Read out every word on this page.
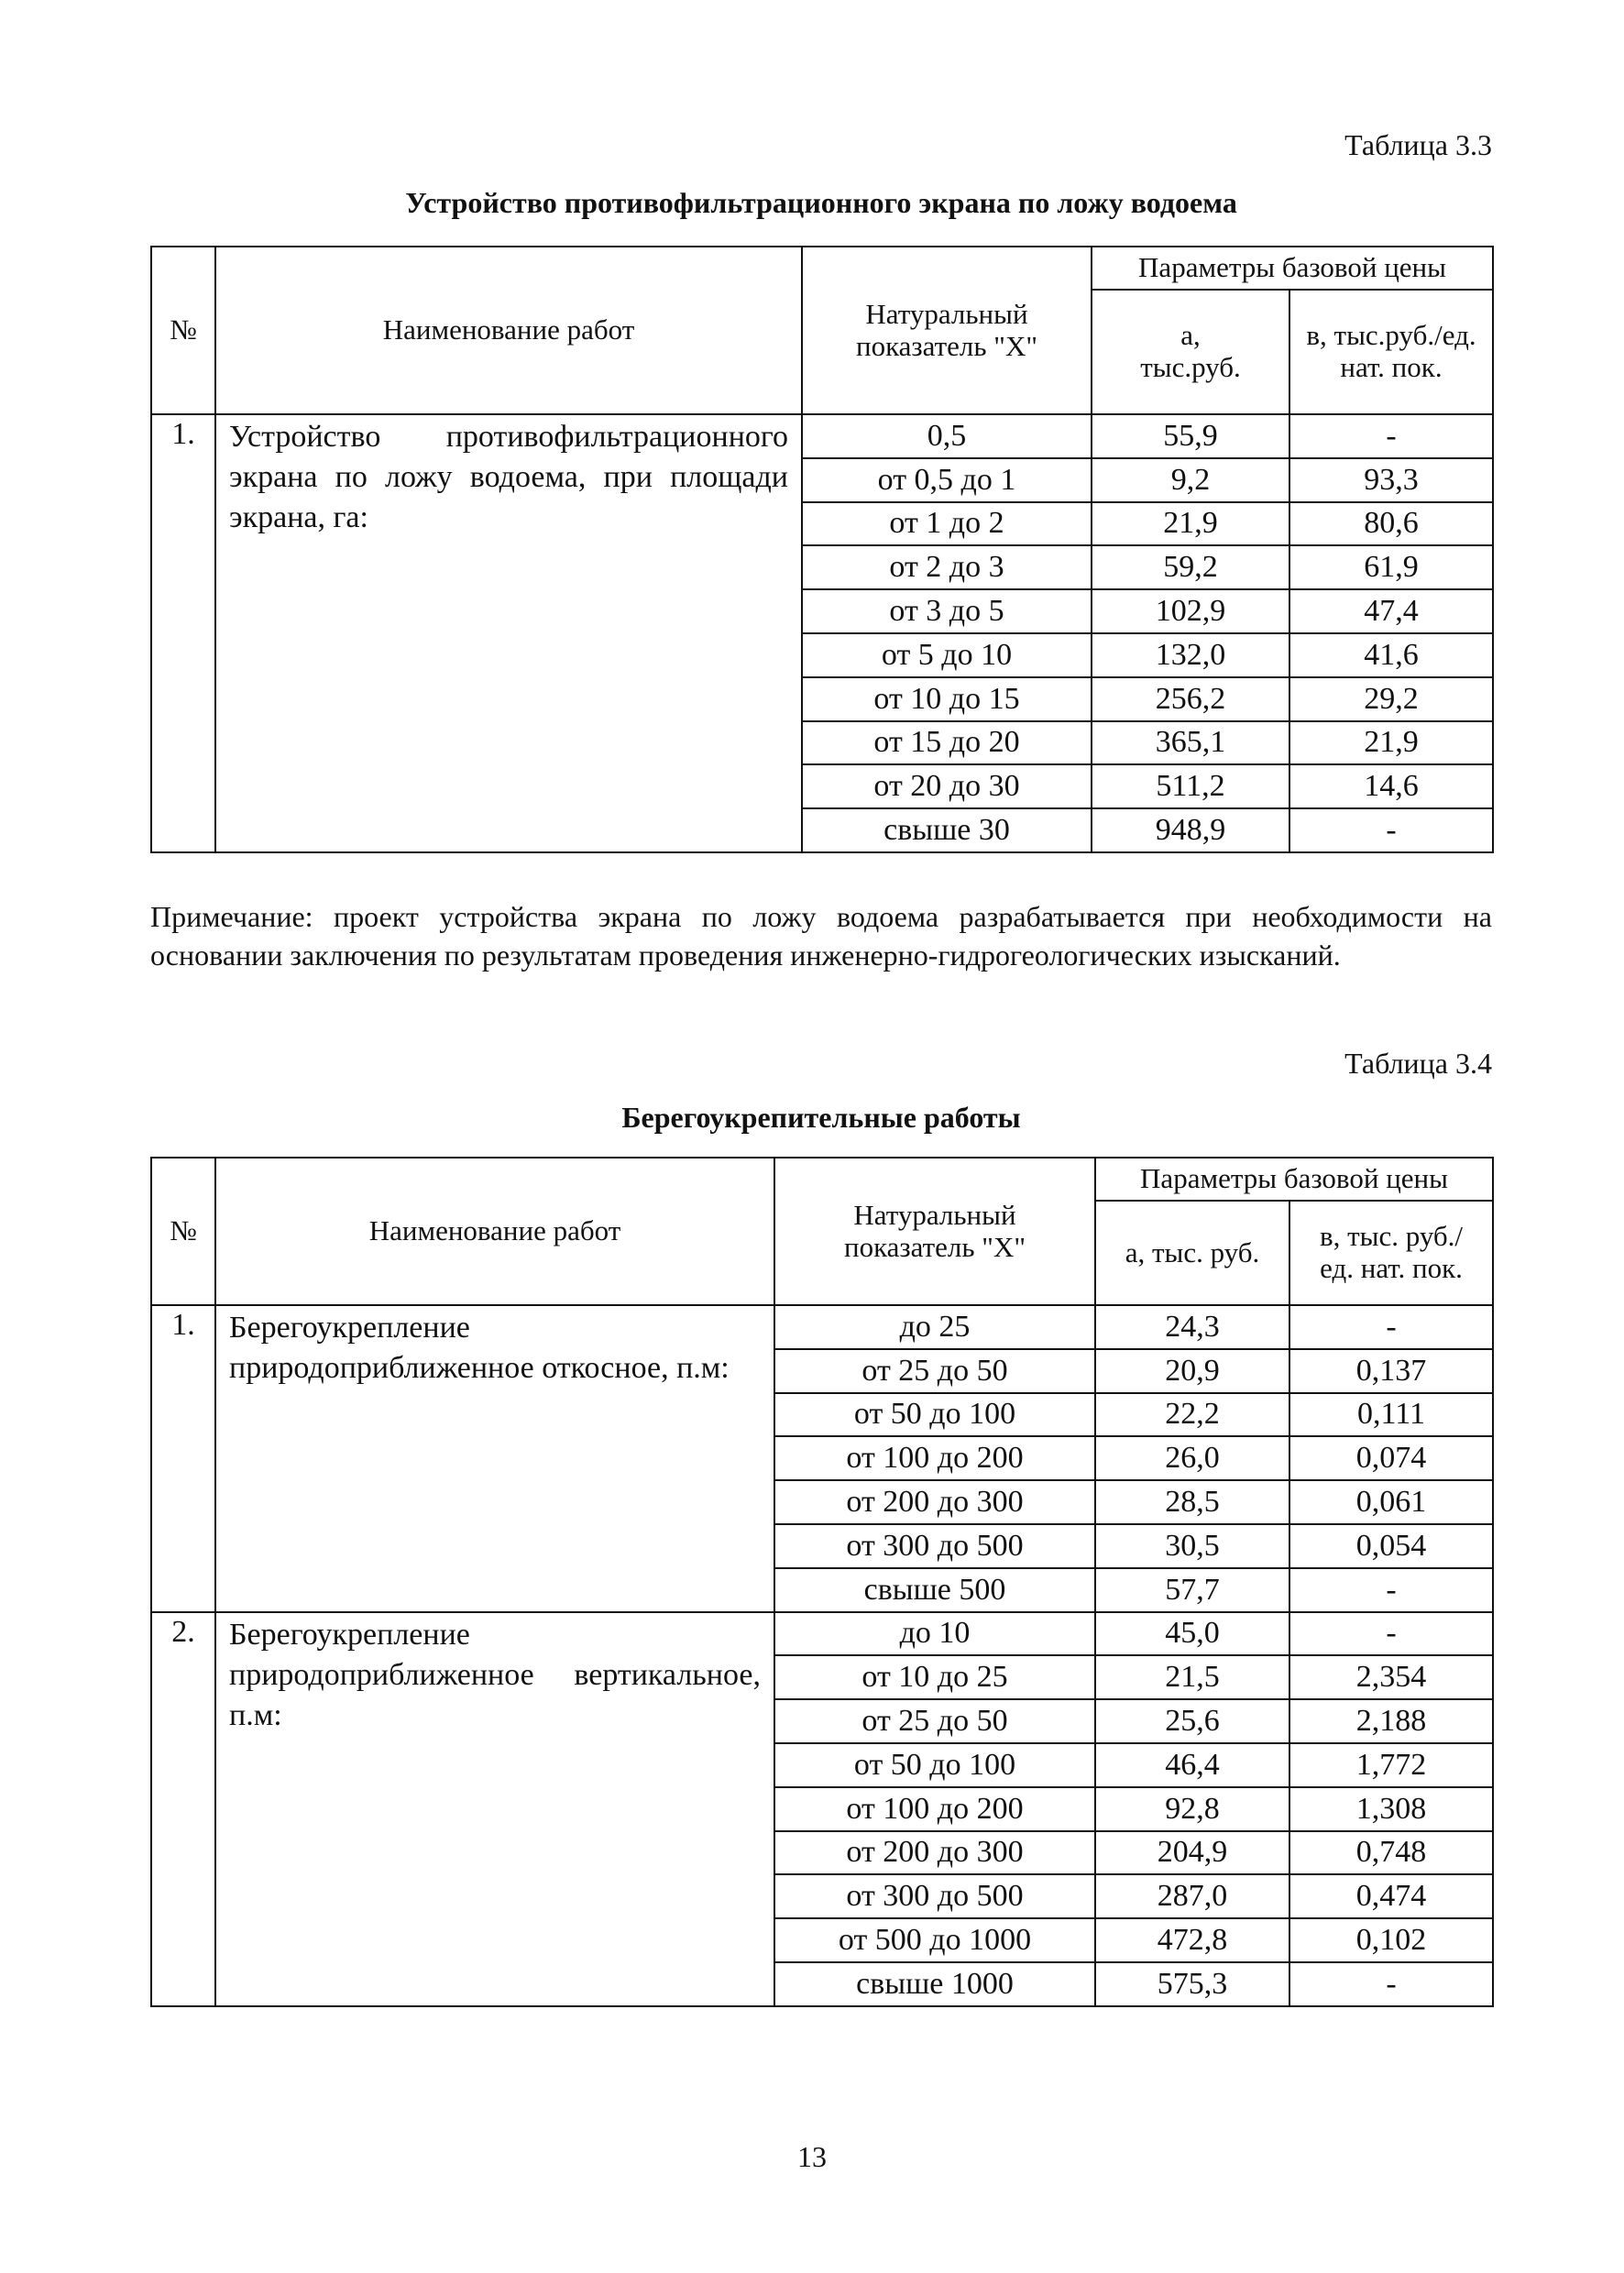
Таблица 3.3
Устройство противофильтрационного экрана по ложу водоема
№	Наименование работ	Натуральный показатель "X"	Параметры базовой цены	
			а, тыс.руб.	в, тыс.руб./ед. нат. пок.
1.	Устройство противофильтрационного экрана по ложу водоема, при площади экрана, га:	0,5	55,9	-
		от 0,5 до 1	9,2	93,3
		от 1 до 2	21,9	80,6
		от 2 до 3	59,2	61,9
		от 3 до 5	102,9	47,4
		от 5 до 10	132,0	41,6
		от 10 до 15	256,2	29,2
		от 15 до 20	365,1	21,9
		от 20 до 30	511,2	14,6
		свыше 30	948,9	-
Примечание: проект устройства экрана по ложу водоема разрабатывается при необходимости на основании заключения по результатам проведения инженерно-гидрогеологических изысканий.
Таблица 3.4
Берегоукрепительные работы
№	Наименование работ	Натуральный показатель "X"	Параметры базовой цены	
			а, тыс. руб.	в, тыс. руб./ед. нат. пок.
1.	Берегоукрепление природоприближенное откосное, п.м:	до 25	24,3	-
		от 25 до 50	20,9	0,137
		от 50 до 100	22,2	0,111
		от 100 до 200	26,0	0,074
		от 200 до 300	28,5	0,061
		от 300 до 500	30,5	0,054
		свыше 500	57,7	-
2.	Берегоукрепление природоприближенное вертикальное, п.м:	до 10	45,0	-
		от 10 до 25	21,5	2,354
		от 25 до 50	25,6	2,188
		от 50 до 100	46,4	1,772
		от 100 до 200	92,8	1,308
		от 200 до 300	204,9	0,748
		от 300 до 500	287,0	0,474
		от 500 до 1000	472,8	0,102
		свыше 1000	575,3	-
13
